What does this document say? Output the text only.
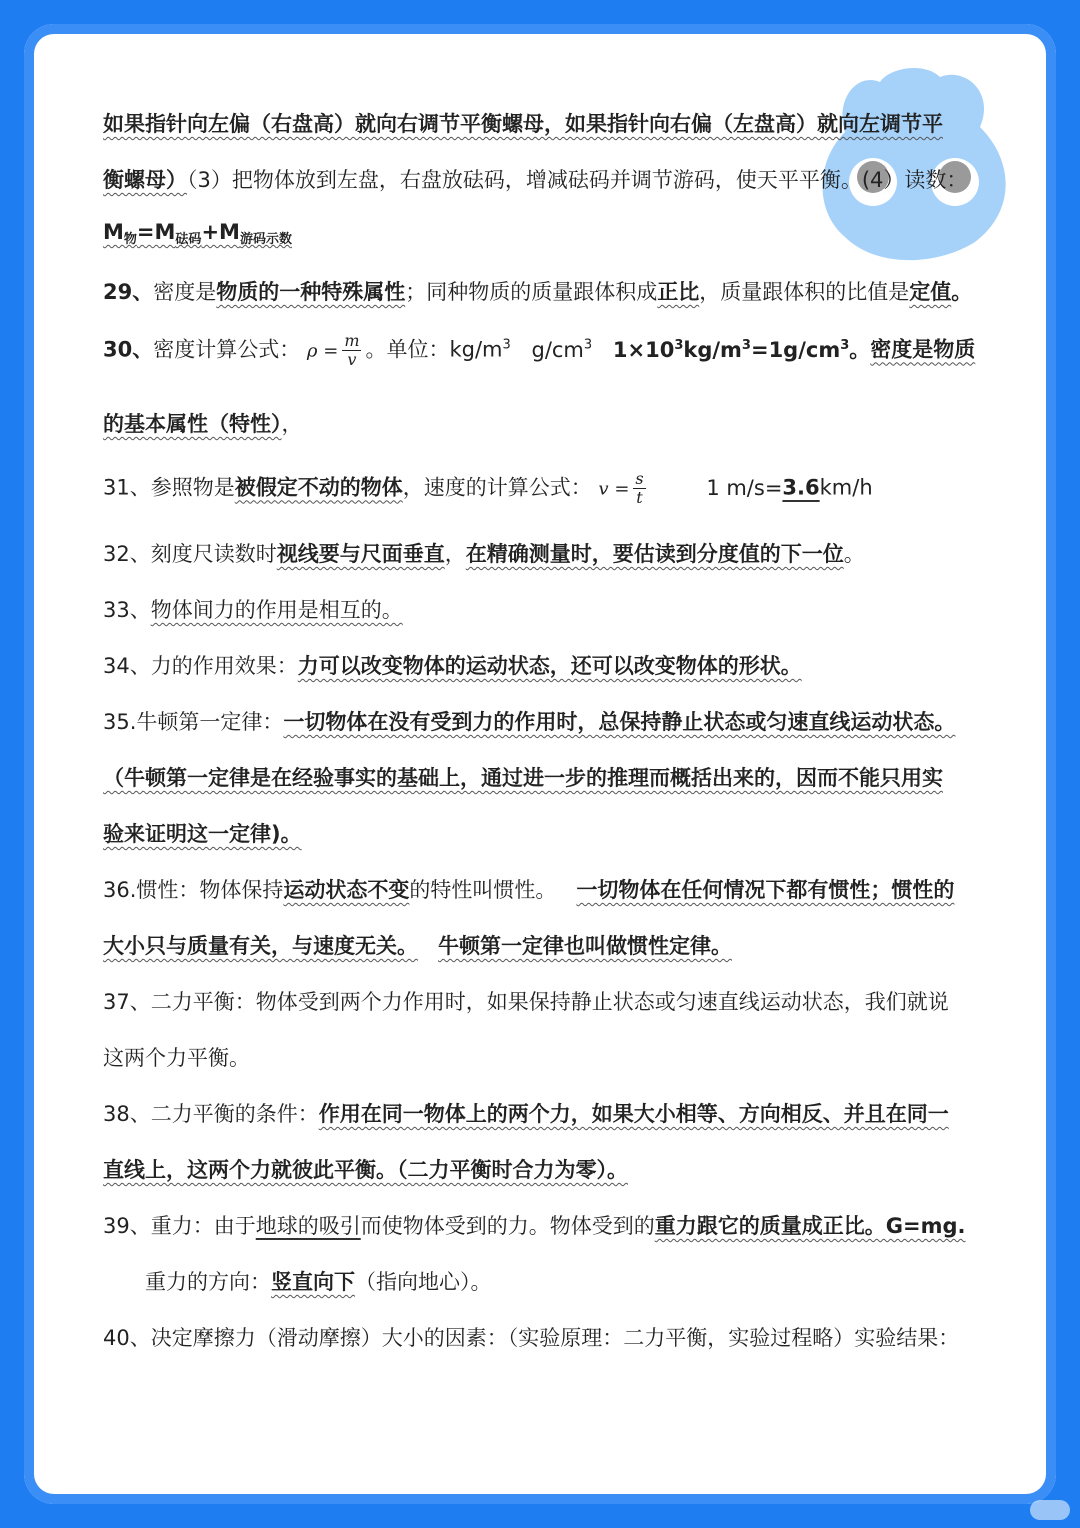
如果指针向左偏（右盘高）就向右调节平衡螺母，如果指针向右偏（左盘高）就向左调节平
衡螺母）（3）把物体放到左盘，右盘放砝码，增减砝码并调节游码，使天平平衡。(4）读数：
$M_物=M_{砝码}+M_{游码示数}$
29、密度是物质的一种特殊属性；同种物质的质量跟体积成正比，质量跟体积的比值是定值。
30、密度计算公式： $\rho = \frac{m}{v}$ 。单位：$kg/m^3$ $g/cm^3$ $1\times 10^3kg/m^3=1g/cm^3$。密度是物质
的基本属性（特性），
31、参照物是被假定不动的物体，速度的计算公式： $v = \frac{s}{t}$	1 m/s=3.6km/h
32、刻度尺读数时视线要与尺面垂直，在精确测量时，要估读到分度值的下一位。
33、物体间力的作用是相互的。
34、力的作用效果：力可以改变物体的运动状态，还可以改变物体的形状。
35.牛顿第一定律：一切物体在没有受到力的作用时，总保持静止状态或匀速直线运动状态。
（牛顿第一定律是在经验事实的基础上，通过进一步的推理而概括出来的，因而不能只用实
验来证明这一定律)。
36.惯性：物体保持运动状态不变的特性叫惯性。 一切物体在任何情况下都有惯性；惯性的
大小只与质量有关，与速度无关。 牛顿第一定律也叫做惯性定律。
37、二力平衡：物体受到两个力作用时，如果保持静止状态或匀速直线运动状态，我们就说
这两个力平衡。
38、二力平衡的条件：作用在同一物体上的两个力，如果大小相等、方向相反、并且在同一
直线上，这两个力就彼此平衡。（二力平衡时合力为零）。
39、重力：由于地球的吸引而使物体受到的力。物体受到的重力跟它的质量成正比。G=mg.
重力的方向：竖直向下（指向地心）。
40、决定摩擦力（滑动摩擦）大小的因素：（实验原理：二力平衡，实验过程略）实验结果：
